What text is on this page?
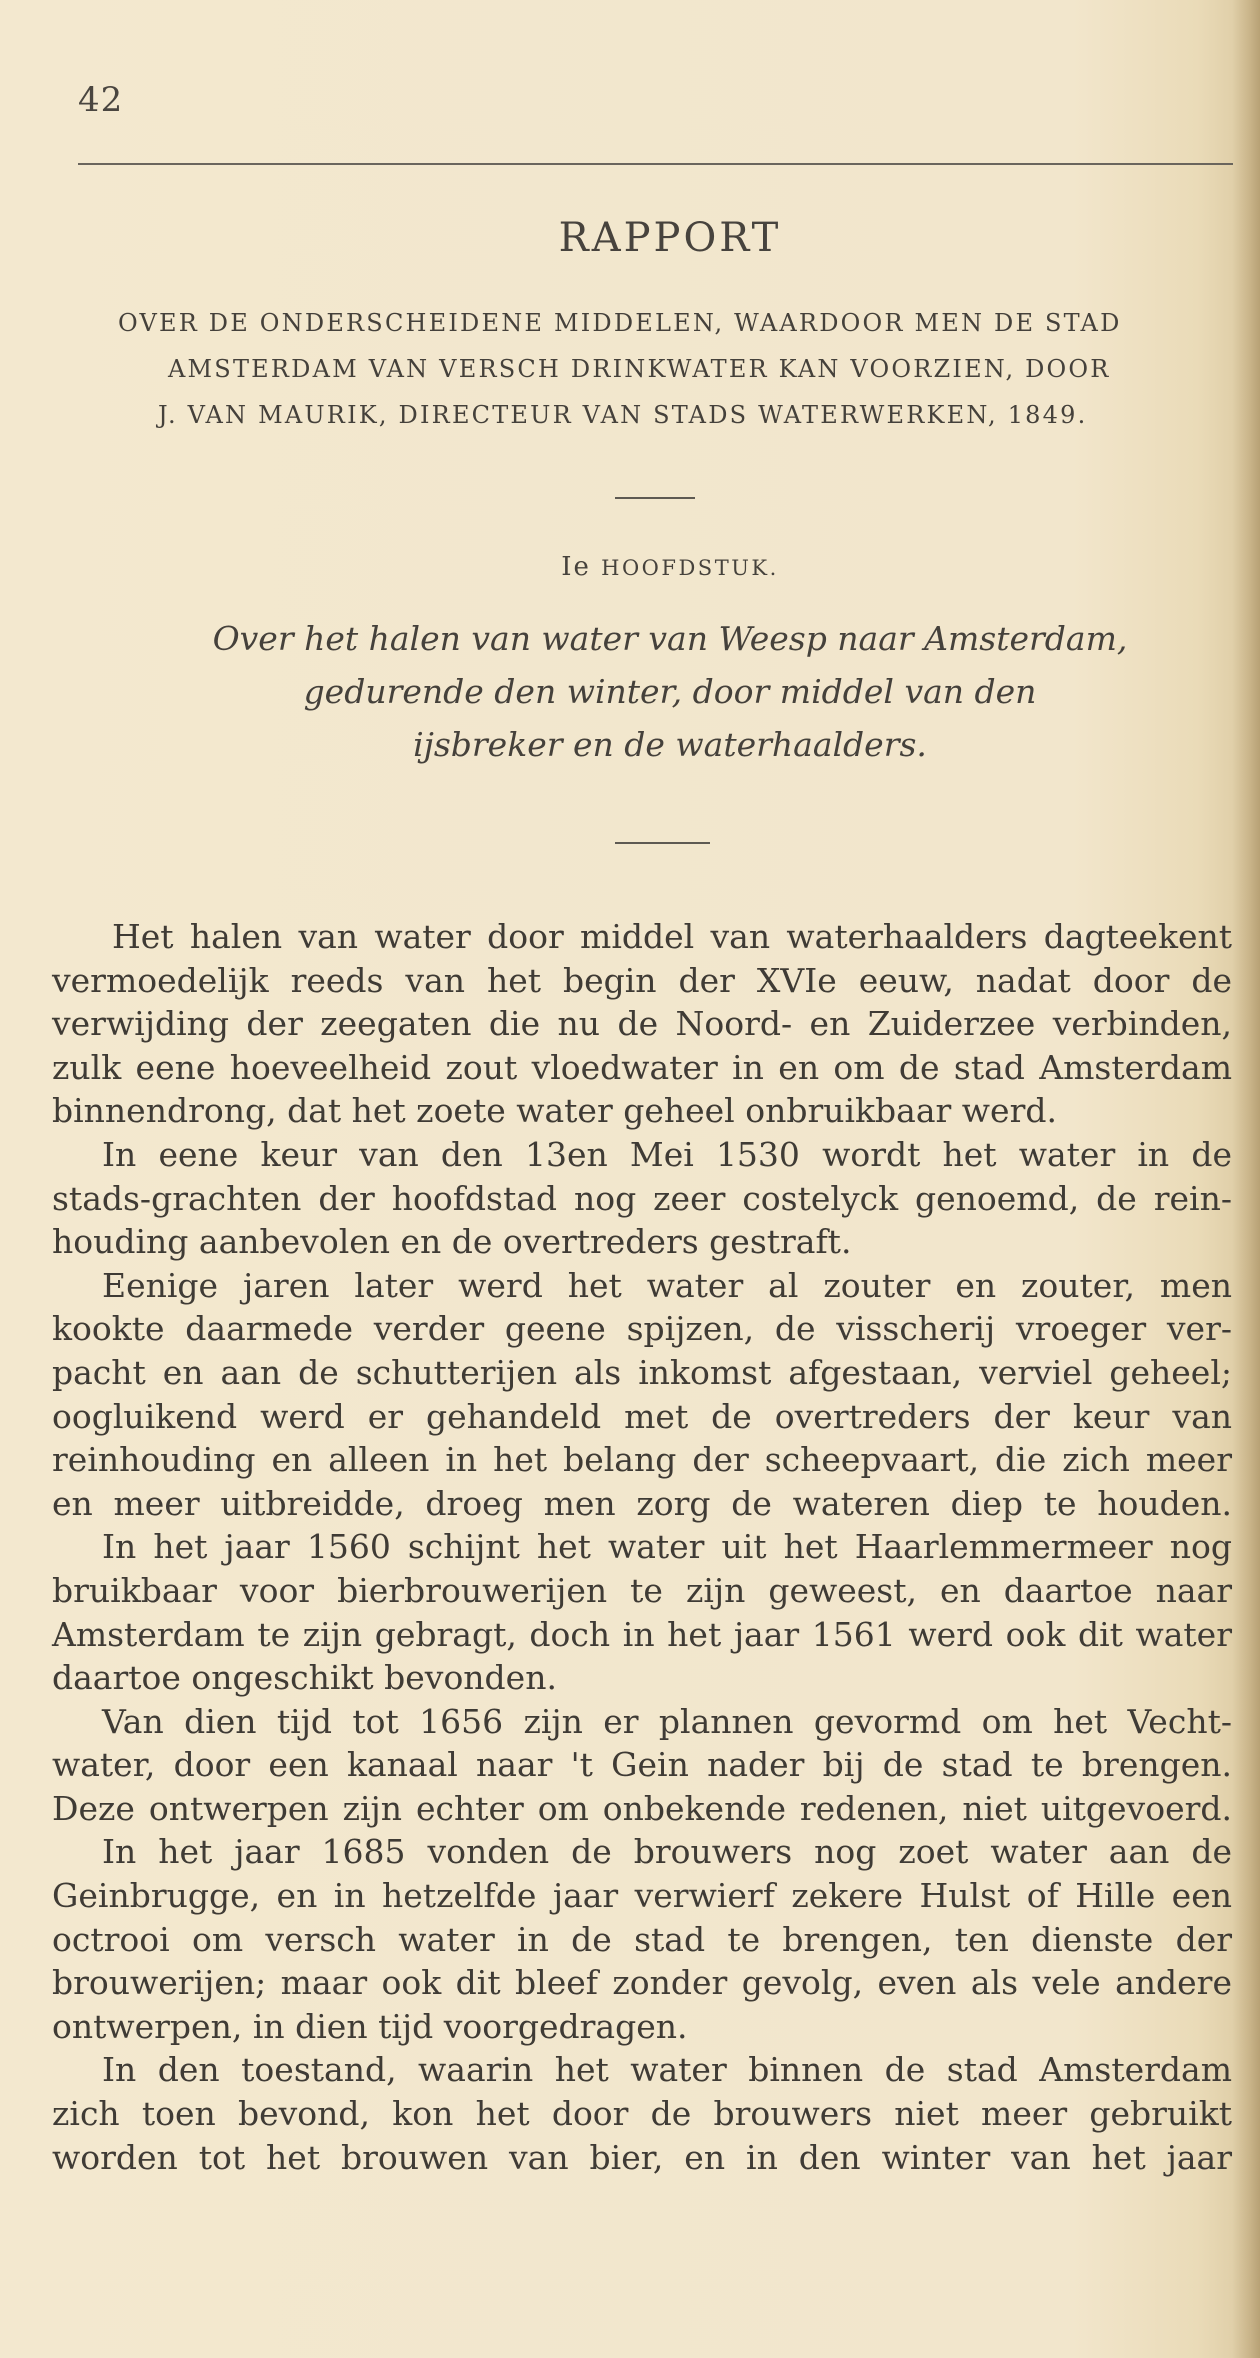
42
RAPPORT
OVER DE ONDERSCHEIDENE MIDDELEN, WAARDOOR MEN DE STAD
AMSTERDAM VAN VERSCH DRINKWATER KAN VOORZIEN, DOOR
J. VAN MAURIK, DIRECTEUR VAN STADS WATERWERKEN, 1849.
Ie HOOFDSTUK.
Over het halen van water van Weesp naar Amsterdam,
gedurende den winter, door middel van den
ijsbreker en de waterhaalders.
Het halen van water door middel van waterhaalders dagteekent
vermoedelijk reeds van het begin der XVIe eeuw, nadat door de
verwijding der zeegaten die nu de Noord- en Zuiderzee verbinden,
zulk eene hoeveelheid zout vloedwater in en om de stad Amsterdam
binnendrong, dat het zoete water geheel onbruikbaar werd.
In eene keur van den 13en Mei 1530 wordt het water in de
stads-grachten der hoofdstad nog zeer costelyck genoemd, de rein-
houding aanbevolen en de overtreders gestraft.
Eenige jaren later werd het water al zouter en zouter, men
kookte daarmede verder geene spijzen, de visscherij vroeger ver-
pacht en aan de schutterijen als inkomst afgestaan, verviel geheel;
oogluikend werd er gehandeld met de overtreders der keur van
reinhouding en alleen in het belang der scheepvaart, die zich meer
en meer uitbreidde, droeg men zorg de wateren diep te houden.
In het jaar 1560 schijnt het water uit het Haarlemmermeer nog
bruikbaar voor bierbrouwerijen te zijn geweest, en daartoe naar
Amsterdam te zijn gebragt, doch in het jaar 1561 werd ook dit water
daartoe ongeschikt bevonden.
Van dien tijd tot 1656 zijn er plannen gevormd om het Vecht-
water, door een kanaal naar 't Gein nader bij de stad te brengen.
Deze ontwerpen zijn echter om onbekende redenen, niet uitgevoerd.
In het jaar 1685 vonden de brouwers nog zoet water aan de
Geinbrugge, en in hetzelfde jaar verwierf zekere Hulst of Hille een
octrooi om versch water in de stad te brengen, ten dienste der
brouwerijen; maar ook dit bleef zonder gevolg, even als vele andere
ontwerpen, in dien tijd voorgedragen.
In den toestand, waarin het water binnen de stad Amsterdam
zich toen bevond, kon het door de brouwers niet meer gebruikt
worden tot het brouwen van bier, en in den winter van het jaar
